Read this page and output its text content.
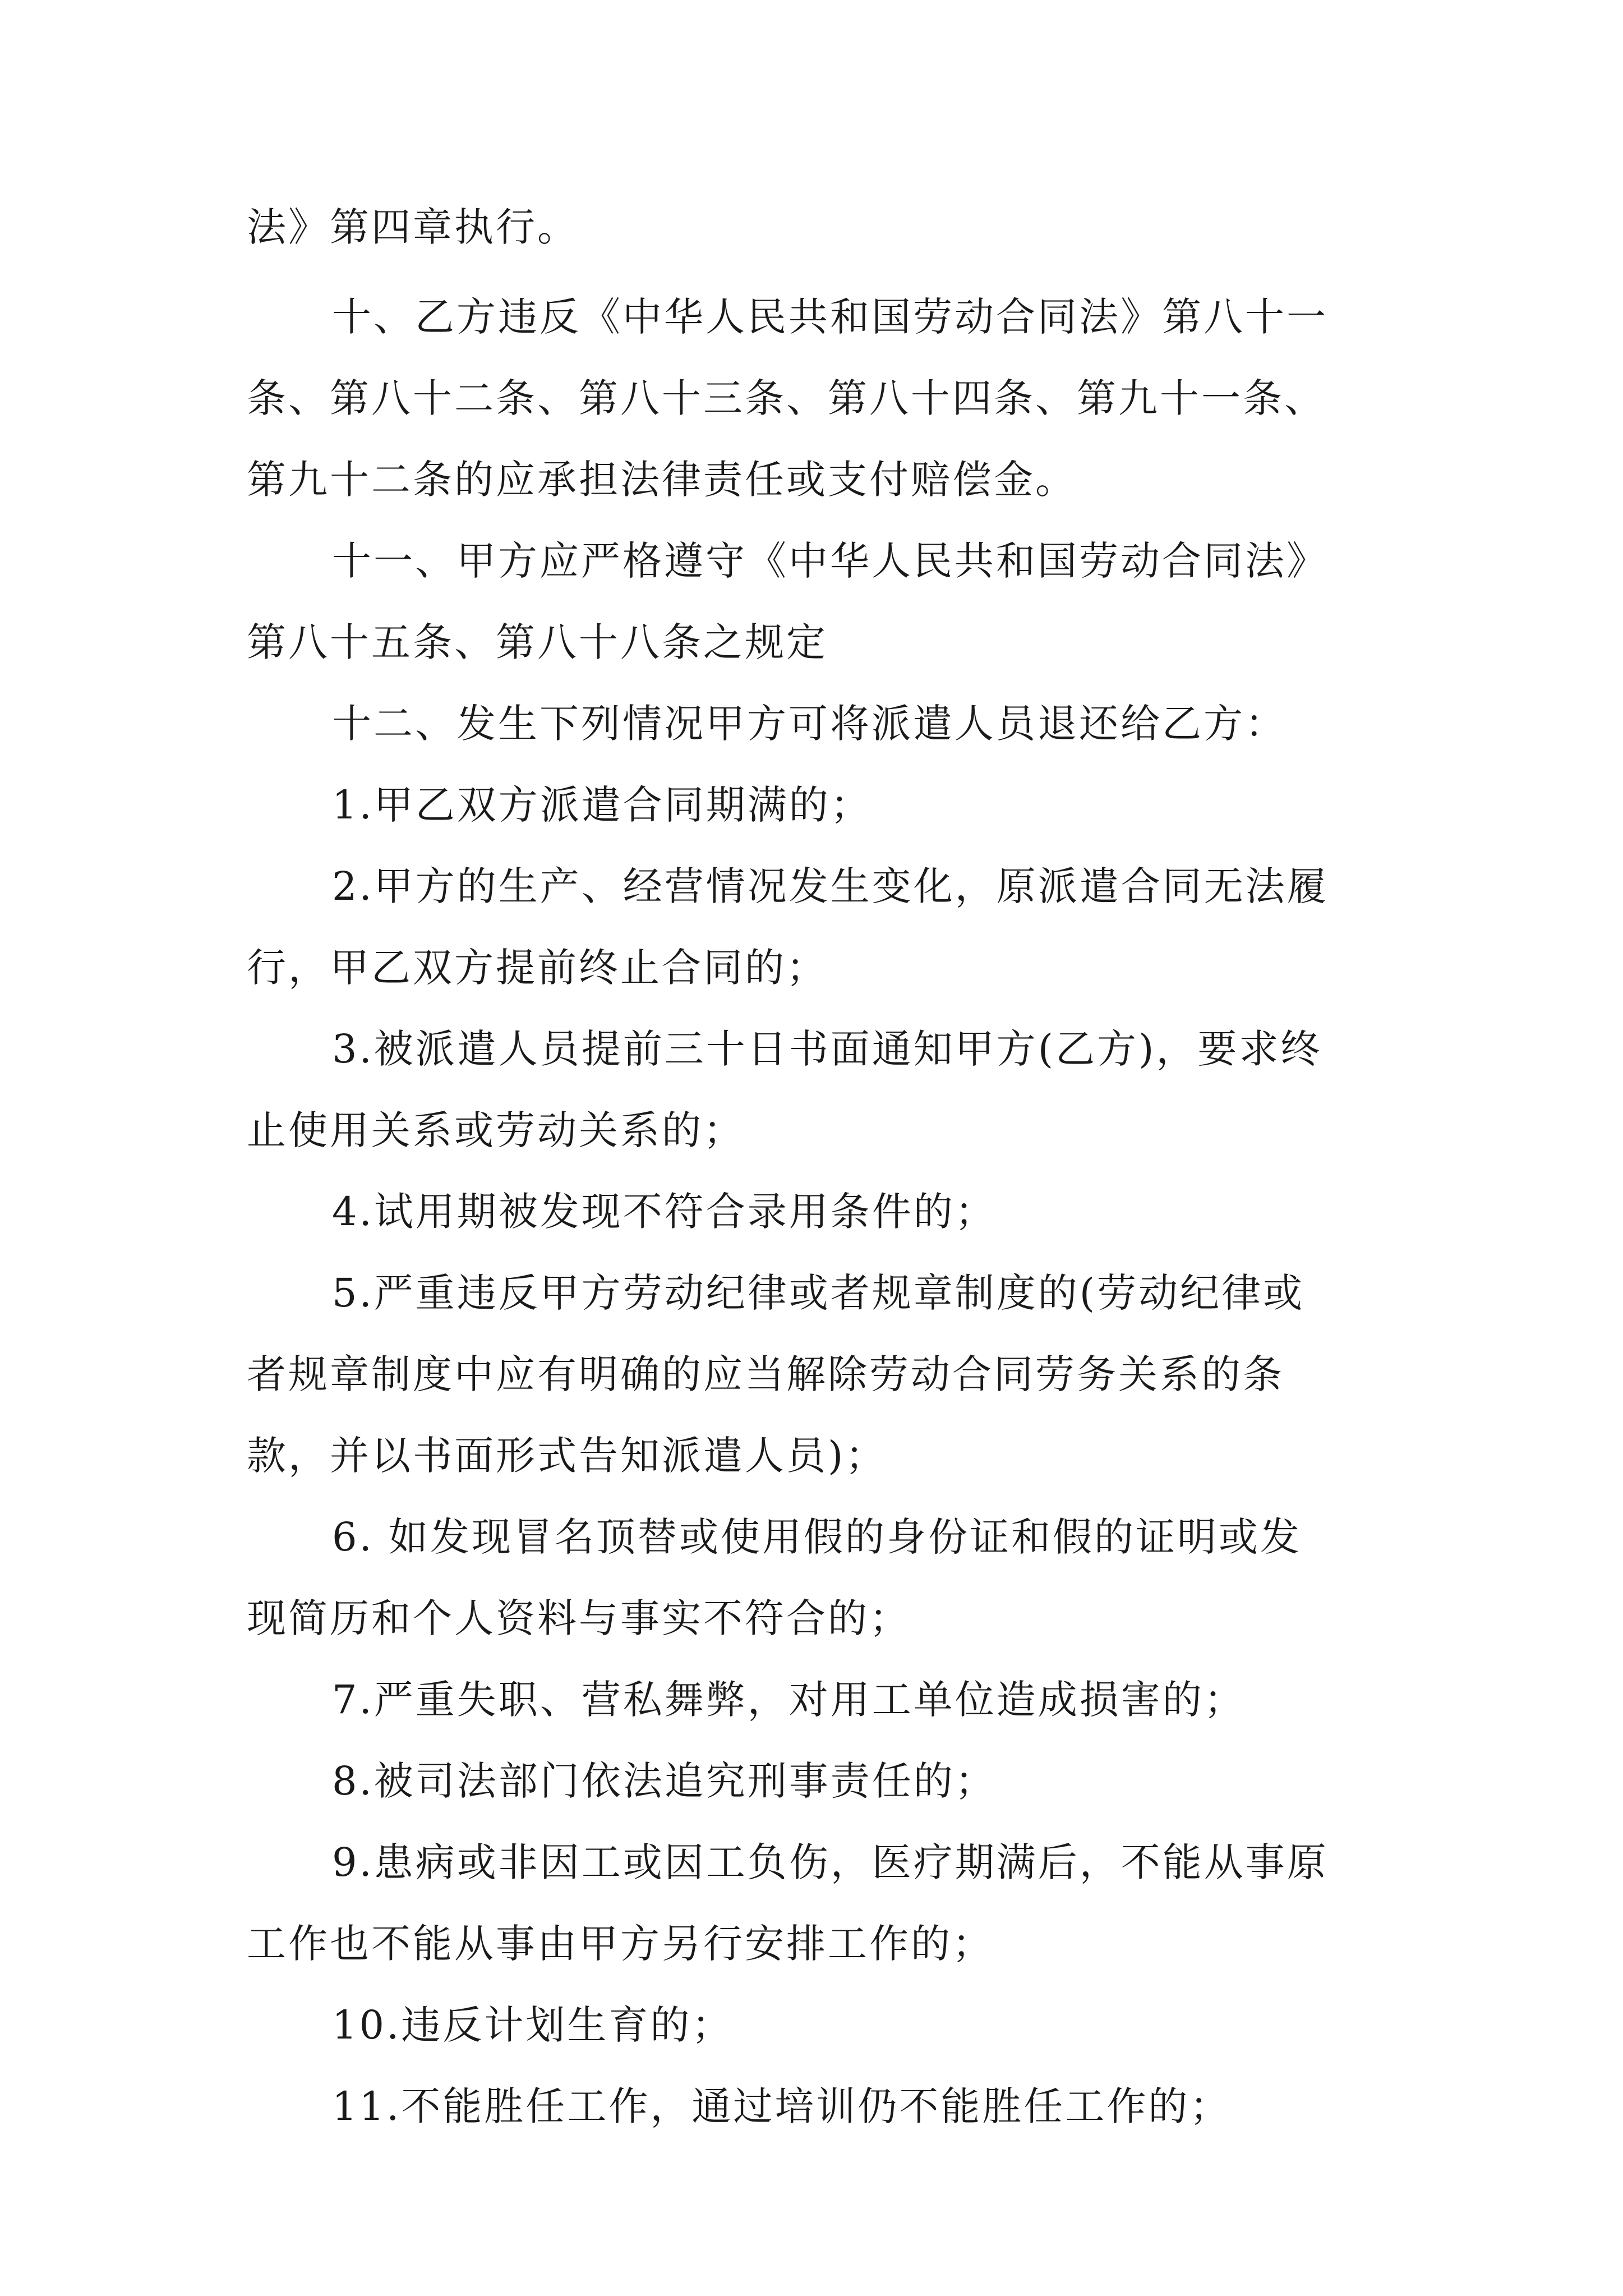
法》第四章执行。

十、乙方违反《中华人民共和国劳动合同法》第八十一

条、第八十二条、第八十三条、第八十四条、第九十一条、

第九十二条的应承担法律责任或支付赔偿金。

十一、甲方应严格遵守《中华人民共和国劳动合同法》

第八十五条、第八十八条之规定

十二、发生下列情况甲方可将派遣人员退还给乙方：

1.甲乙双方派遣合同期满的；

2.甲方的生产、经营情况发生变化，原派遣合同无法履

行，甲乙双方提前终止合同的；

3.被派遣人员提前三十日书面通知甲方(乙方)，要求终

止使用关系或劳动关系的；

4.试用期被发现不符合录用条件的；

5.严重违反甲方劳动纪律或者规章制度的(劳动纪律或

者规章制度中应有明确的应当解除劳动合同劳务关系的条

款，并以书面形式告知派遣人员)；

6. 如发现冒名顶替或使用假的身份证和假的证明或发

现简历和个人资料与事实不符合的；

7.严重失职、营私舞弊，对用工单位造成损害的；

8.被司法部门依法追究刑事责任的；

9.患病或非因工或因工负伤，医疗期满后，不能从事原

工作也不能从事由甲方另行安排工作的；

10.违反计划生育的；

11.不能胜任工作，通过培训仍不能胜任工作的；
